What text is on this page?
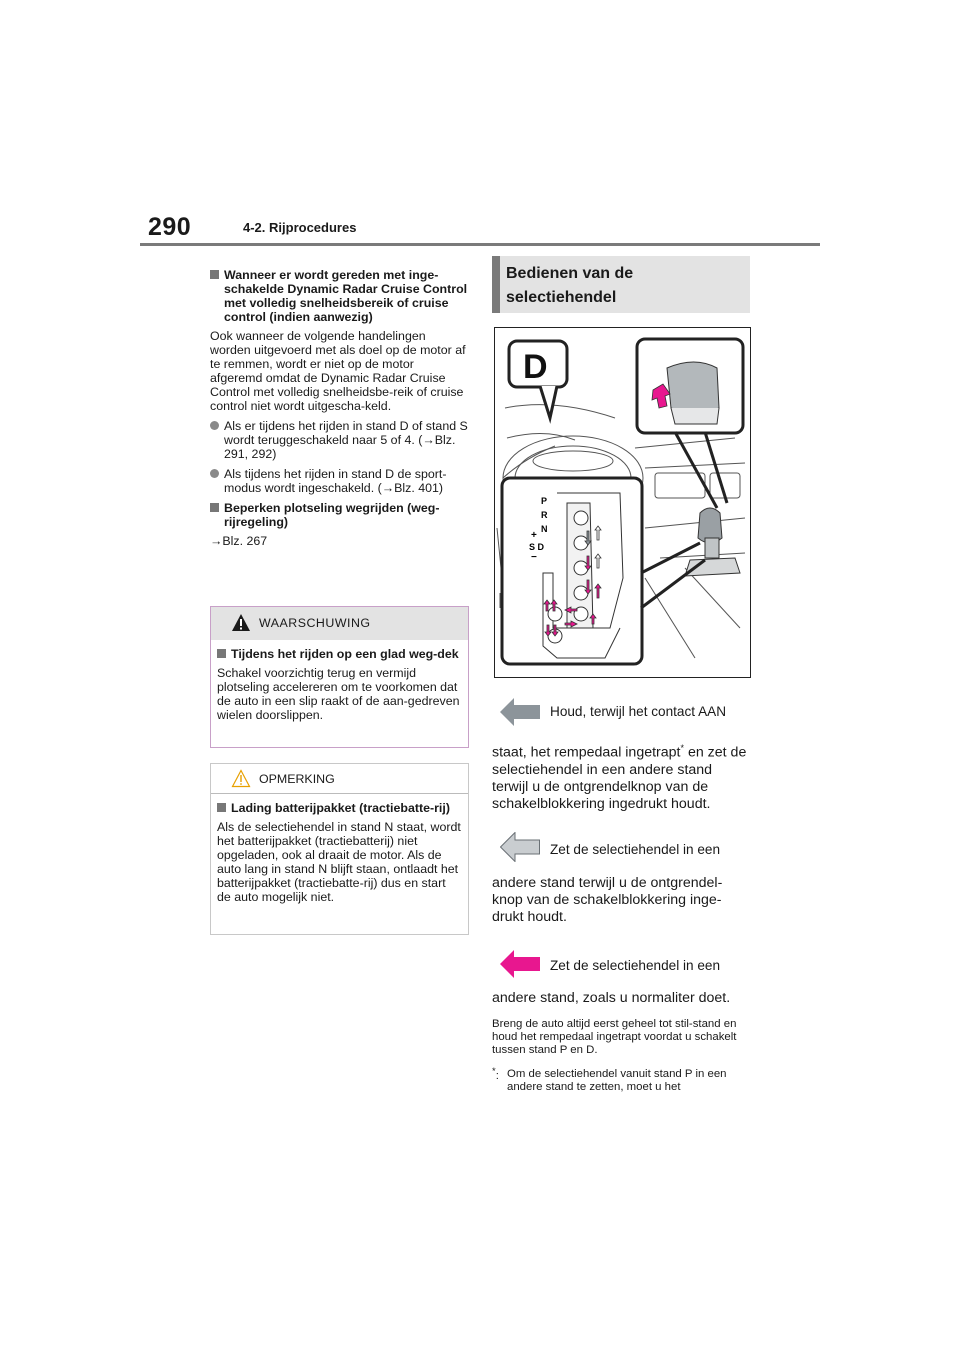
290	4-2. Rijprocedures
Wanneer er wordt gereden met inge-schakelde Dynamic Radar Cruise Control met volledig snelheidsbereik of cruise control (indien aanwezig)
Ook wanneer de volgende handelingen worden uitgevoerd met als doel op de motor af te remmen, wordt er niet op de motor afgeremd omdat de Dynamic Radar Cruise Control met volledig snelheidsbe-reik of cruise control niet wordt uitgescha-keld.
Als er tijdens het rijden in stand D of stand S wordt teruggeschakeld naar 5 of 4. (→Blz. 291, 292)
Als tijdens het rijden in stand D de sport-modus wordt ingeschakeld. (→Blz. 401)
Beperken plotseling wegrijden (weg-rijregeling)
→Blz. 267
WAARSCHUWING
Tijdens het rijden op een glad weg-dek
Schakel voorzichtig terug en vermijd plotseling accelereren om te voorkomen dat de auto in een slip raakt of de aan-gedreven wielen doorslippen.
OPMERKING
Lading batterijpakket (tractiebatte-rij)
Als de selectiehendel in stand N staat, wordt het batterijpakket (tractiebatterij) niet opgeladen, ook al draait de motor. Als de auto lang in stand N blijft staan, ontlaadt het batterijpakket (tractiebatte-rij) dus en start de auto mogelijk niet.
Bedienen van de
selectiehendel
D
P
R
N
S D
+
−
Houd, terwijl het contact AAN
staat, het rempedaal ingetrapt* en zet de selectiehendel in een andere stand terwijl u de ontgrendelknop van de schakelblokkering ingedrukt houdt.
Zet de selectiehendel in een
andere stand terwijl u de ontgrendel-knop van de schakelblokkering inge-drukt houdt.
Zet de selectiehendel in een
andere stand, zoals u normaliter doet.
Breng de auto altijd eerst geheel tot stil-stand en houd het rempedaal ingetrapt voordat u schakelt tussen stand P en D.
*: Om de selectiehendel vanuit stand P in een andere stand te zetten, moet u het
